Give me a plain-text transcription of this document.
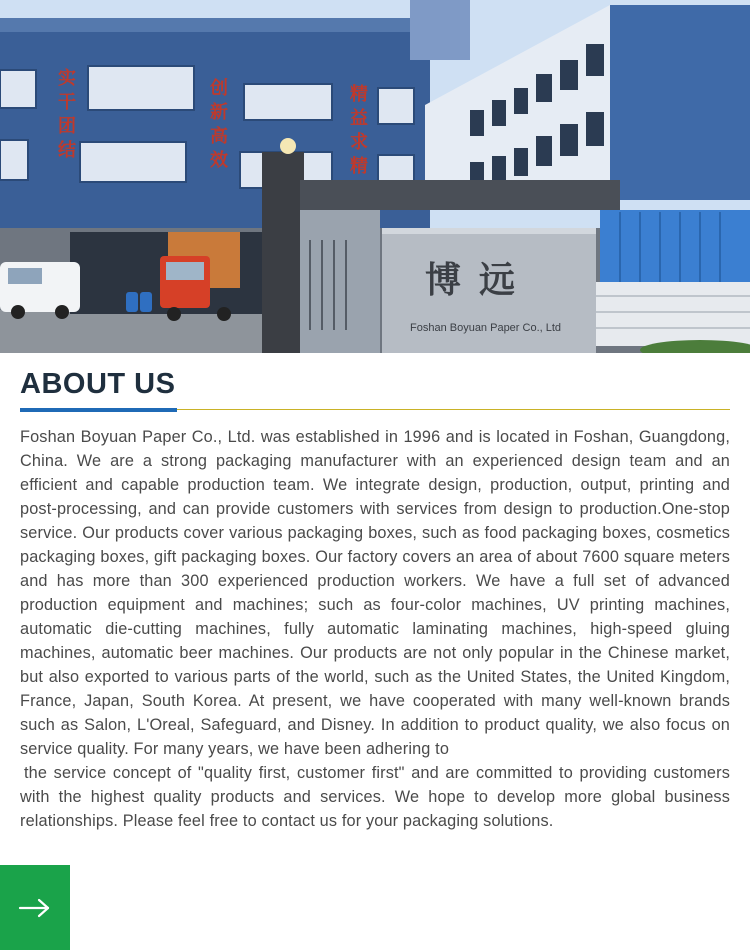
实
干
团
结
创
新
高
效
精
益
求
精
博远
Foshan Boyuan Paper Co., Ltd
ABOUT US

Foshan Boyuan Paper Co., Ltd. was established in 1996 and is located in Foshan, Guangdong, China. We are a strong packaging manufacturer with an experienced design team and an efficient and capable production team. We integrate design, production, output, printing and post-processing, and can provide customers with services from design to production.One-stop service. Our products cover various packaging boxes, such as food packaging boxes, cosmetics packaging boxes, gift packaging boxes. Our factory covers an area of about 7600 square meters and has more than 300 experienced production workers. We have a full set of advanced production equipment and machines; such as four-color machines, UV printing machines, automatic die-cutting machines, fully automatic laminating machines, high-speed gluing machines, automatic beer machines. Our products are not only popular in the Chinese market, but also exported to various parts of the world, such as the United States, the United Kingdom, France, Japan, South Korea. At present, we have cooperated with many well-known brands such as Salon, L'Oreal, Safeguard, and Disney. In addition to product quality, we also focus on service quality. For many years, we have been adhering to

the service concept of "quality first, customer first" and are committed to providing customers with the highest quality products and services. We hope to develop more global business relationships. Please feel free to contact us for your packaging solutions.
